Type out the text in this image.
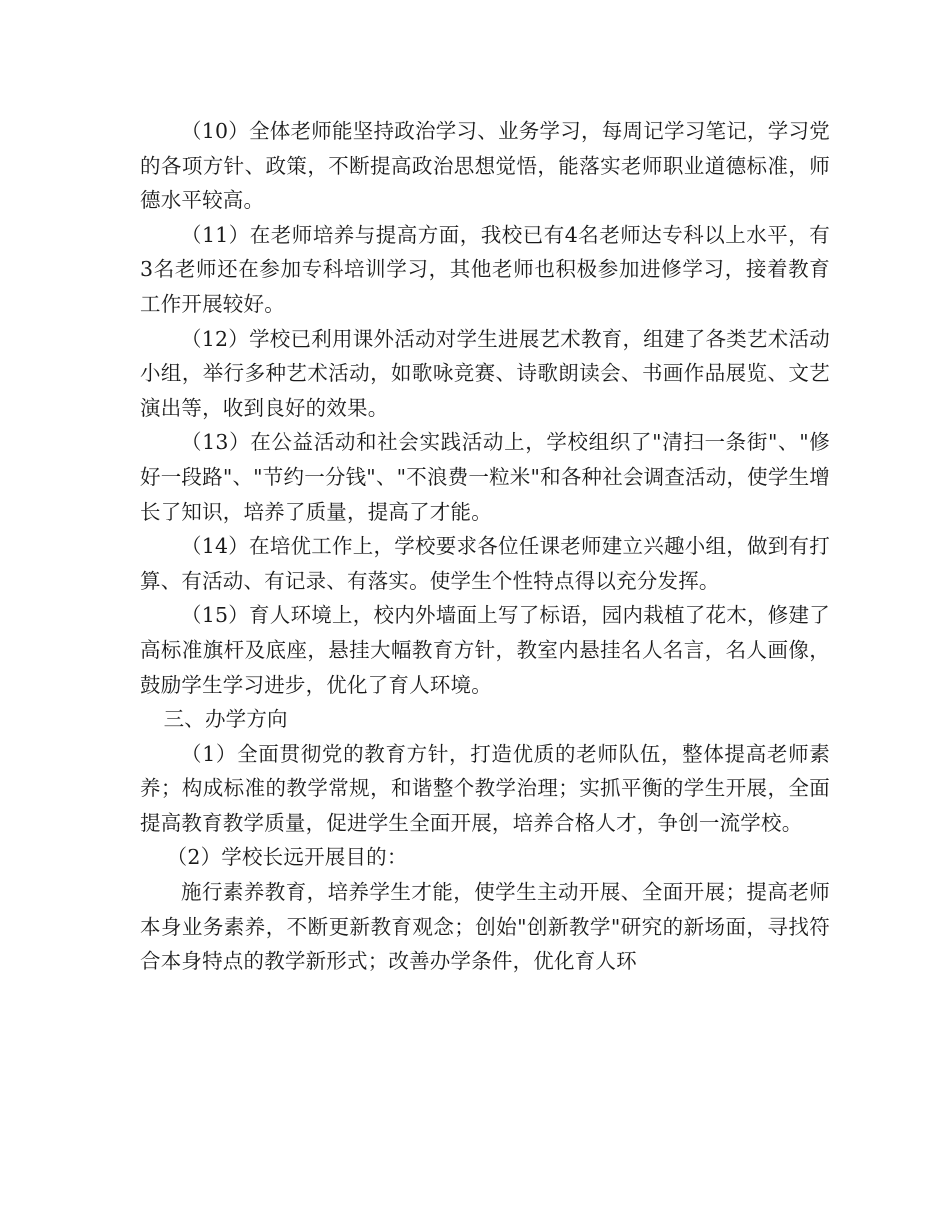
（10）全体老师能坚持政治学习、业务学习，每周记学习笔记，学习党的各项方针、政策，不断提高政治思想觉悟，能落实老师职业道德标准，师德水平较高。

（11）在老师培养与提高方面，我校已有4名老师达专科以上水平，有3名老师还在参加专科培训学习，其他老师也积极参加进修学习，接着教育工作开展较好。

（12）学校已利用课外活动对学生进展艺术教育，组建了各类艺术活动小组，举行多种艺术活动，如歌咏竞赛、诗歌朗读会、书画作品展览、文艺演出等，收到良好的效果。

（13）在公益活动和社会实践活动上，学校组织了"清扫一条街"、"修好一段路"、"节约一分钱"、"不浪费一粒米"和各种社会调查活动，使学生增长了知识，培养了质量，提高了才能。

（14）在培优工作上，学校要求各位任课老师建立兴趣小组，做到有打算、有活动、有记录、有落实。使学生个性特点得以充分发挥。

（15）育人环境上，校内外墙面上写了标语，园内栽植了花木，修建了高标准旗杆及底座，悬挂大幅教育方针，教室内悬挂名人名言，名人画像，鼓励学生学习进步，优化了育人环境。

三、办学方向

（1）全面贯彻党的教育方针，打造优质的老师队伍，整体提高老师素养；构成标准的教学常规，和谐整个教学治理；实抓平衡的学生开展，全面提高教育教学质量，促进学生全面开展，培养合格人才，争创一流学校。

（2）学校长远开展目的：

施行素养教育，培养学生才能，使学生主动开展、全面开展；提高老师本身业务素养，不断更新教育观念；创始"创新教学"研究的新场面，寻找符合本身特点的教学新形式；改善办学条件，优化育人环
